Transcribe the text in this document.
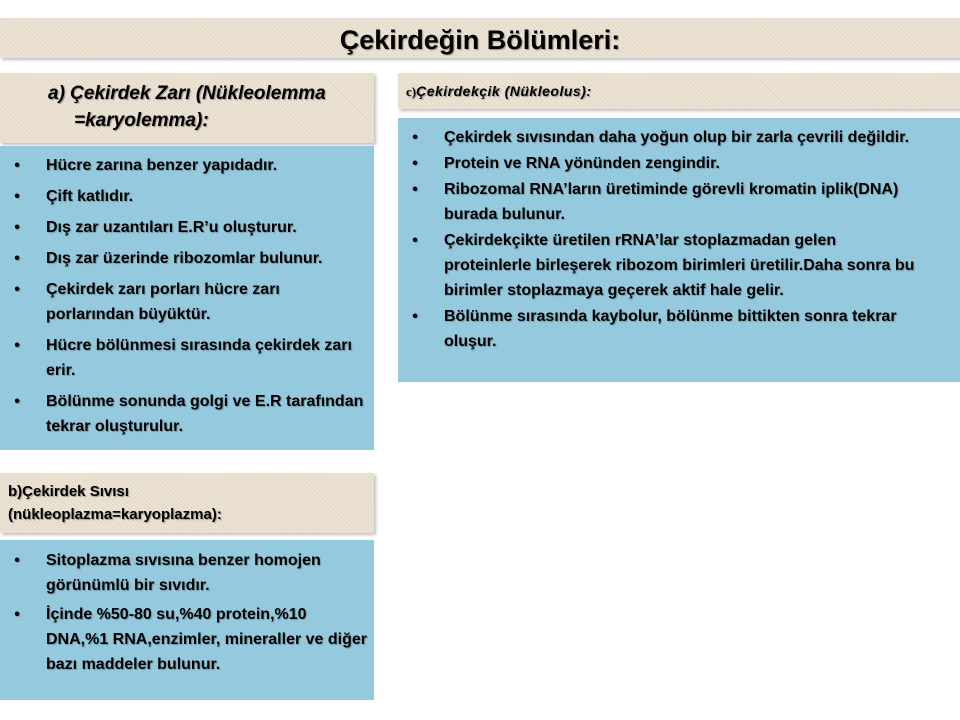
Çekirdeğin Bölümleri:
a) Çekirdek Zarı (Nükleolemma
=karyolemma):
• Hücre zarına benzer yapıdadır.
• Çift katlıdır.
• Dış zar uzantıları E.R’u oluşturur.
• Dış zar üzerinde ribozomlar bulunur.
• Çekirdek zarı porları hücre zarı porlarından büyüktür.
• Hücre bölünmesi sırasında çekirdek zarı erir.
• Bölünme sonunda golgi ve E.R tarafından tekrar oluşturulur.
b)Çekirdek Sıvısı
(nükleoplazma=karyoplazma):
• Sitoplazma sıvısına benzer homojen görünümlü bir sıvıdır.
• İçinde %50-80 su,%40 protein,%10 DNA,%1 RNA,enzimler, mineraller ve diğer bazı maddeler bulunur.
c)Çekirdekçik (Nükleolus):
• Çekirdek sıvısından daha yoğun olup bir zarla çevrili değildir.
• Protein ve RNA yönünden zengindir.
• Ribozomal RNA’ların üretiminde görevli kromatin iplik(DNA) burada bulunur.
• Çekirdekçikte üretilen rRNA’lar stoplazmadan gelen proteinlerle birleşerek ribozom birimleri üretilir.Daha sonra bu birimler stoplazmaya geçerek aktif hale gelir.
• Bölünme sırasında kaybolur, bölünme bittikten sonra tekrar oluşur.
